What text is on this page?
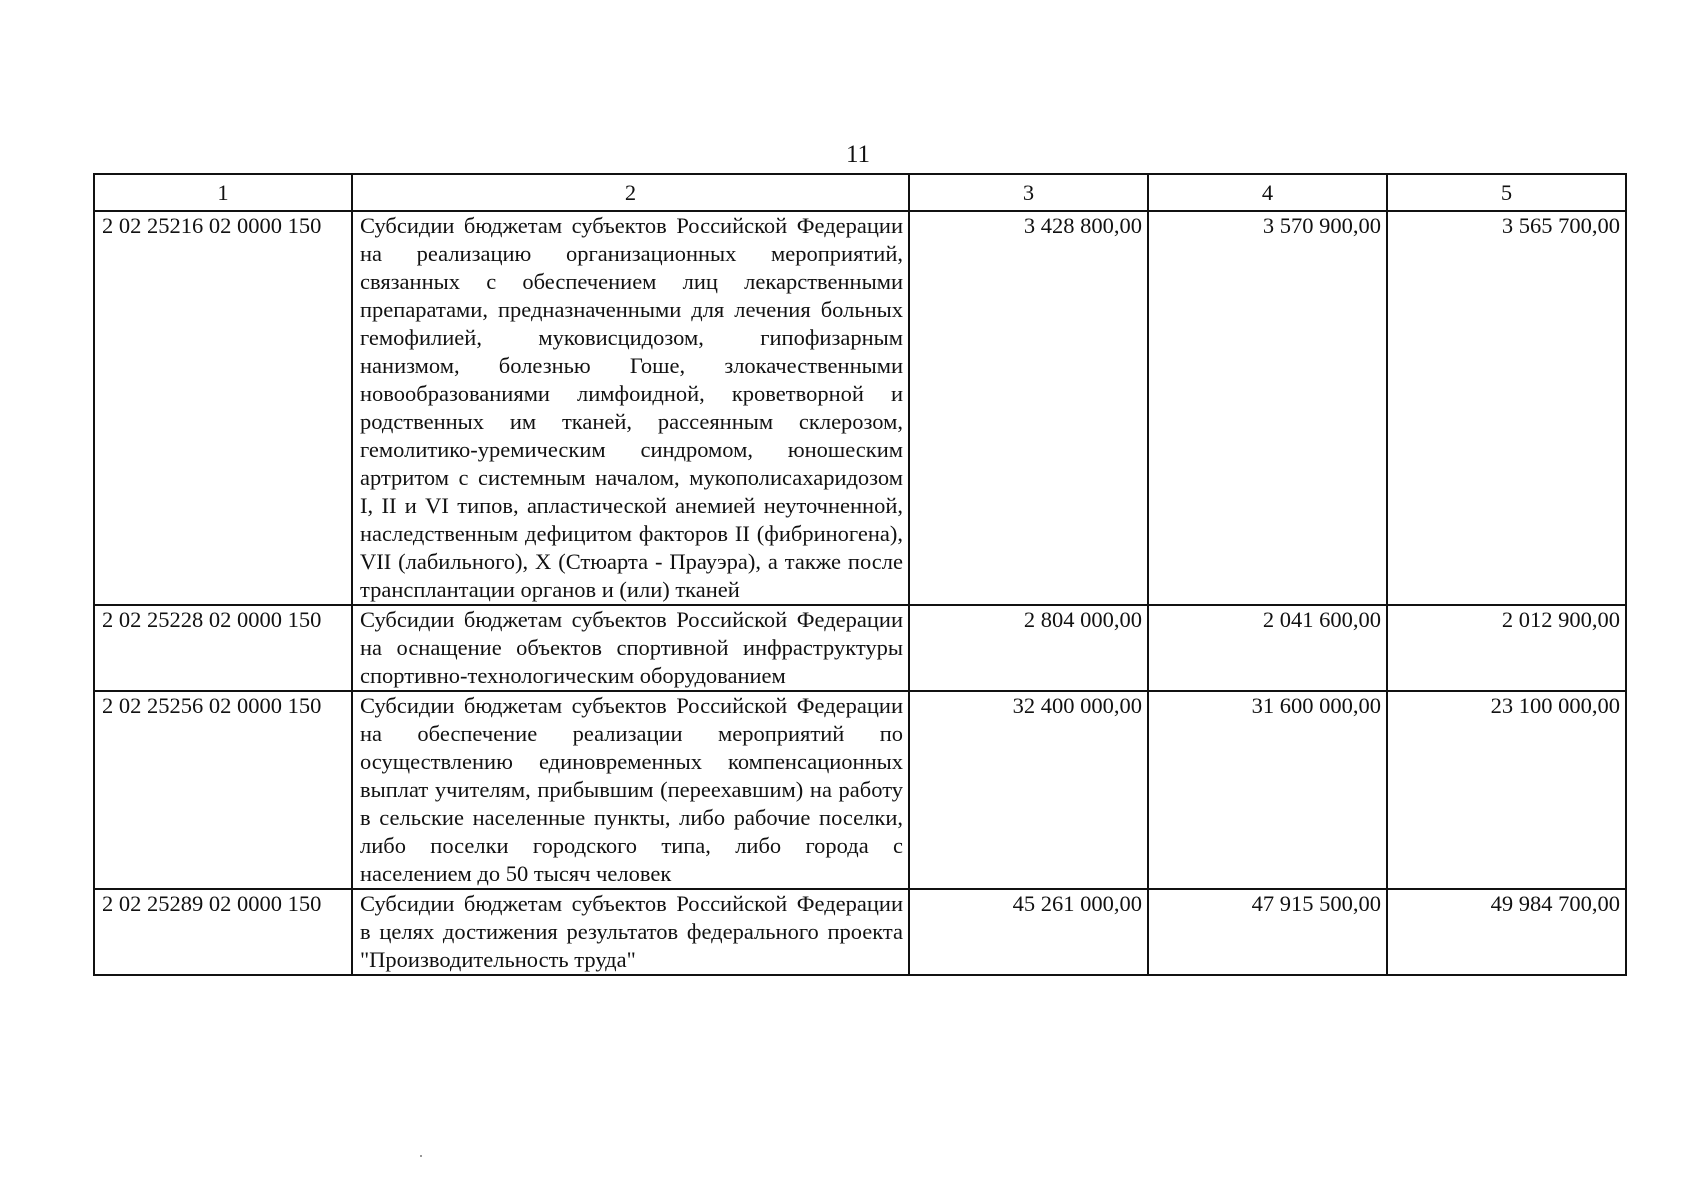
11
1	2	3	4	5
2 02 25216 02 0000 150	Субсидии бюджетам субъектов Российской Федерации на реализацию организационных мероприятий, связанных с обеспечением лиц лекарственными препаратами, предназначенными для лечения больных гемофилией, муковисцидозом, гипофизарным нанизмом, болезнью Гоше, злокачественными новообразованиями лимфоидной, кроветворной и родственных им тканей, рассеянным склерозом, гемолитико-уремическим синдромом, юношеским артритом с системным началом, мукополисахаридозом I, II и VI типов, апластической анемией неуточненной, наследственным дефицитом факторов II (фибриногена), VII (лабильного), X (Стюарта - Прауэра), а также после трансплантации органов и (или) тканей	3 428 800,00	3 570 900,00	3 565 700,00
2 02 25228 02 0000 150	Субсидии бюджетам субъектов Российской Федерации на оснащение объектов спортивной инфраструктуры спортивно-технологическим оборудованием	2 804 000,00	2 041 600,00	2 012 900,00
2 02 25256 02 0000 150	Субсидии бюджетам субъектов Российской Федерации на обеспечение реализации мероприятий по осуществлению единовременных компенсационных выплат учителям, прибывшим (переехавшим) на работу в сельские населенные пункты, либо рабочие поселки, либо поселки городского типа, либо города с населением до 50 тысяч человек	32 400 000,00	31 600 000,00	23 100 000,00
2 02 25289 02 0000 150	Субсидии бюджетам субъектов Российской Федерации в целях достижения результатов федерального проекта "Производительность труда"	45 261 000,00	47 915 500,00	49 984 700,00
